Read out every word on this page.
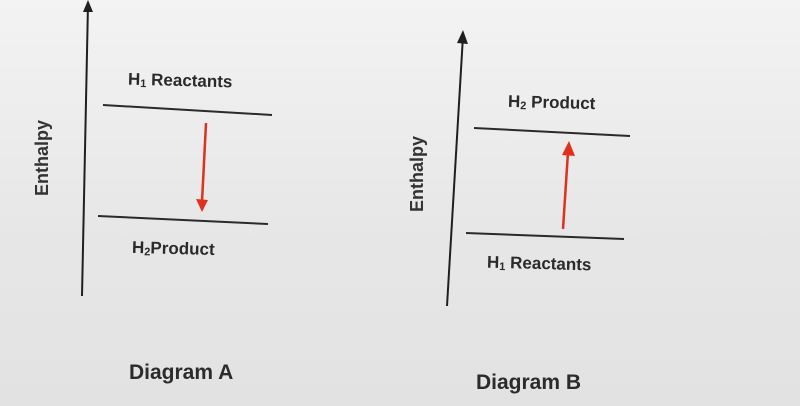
Enthalpy
$H_1$ Reactants
$H_2Product$
Diagram A
Enthalpy
$H_2$ Product
$H_1$ Reactants
Diagram B
